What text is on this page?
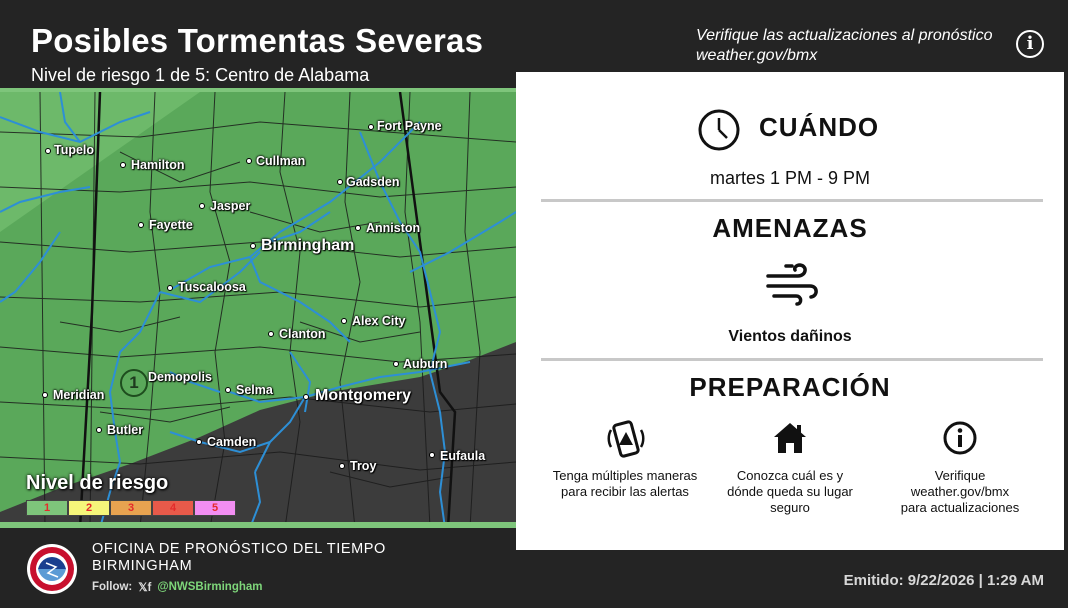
Posibles Tormentas Severas
Nivel de riesgo 1 de 5: Centro de Alabama
Verifique las actualizaciones al pronóstico
weather.gov/bmx
i
Fort Payne
Tupelo
Hamilton	Cullman
Gadsden
Jasper
Fayette	Anniston
Birmingham
Tuscaloosa
Alex City
Clanton
Auburn
Demopolis
Meridian	Selma	Montgomery
Butler
Camden
Eufaula
Troy
1
Nivel de riesgo
1	2	3	4	5
CUÁNDO
martes 1 PM - 9 PM
AMENAZAS
Vientos dañinos
PREPARACIÓN
Tenga múltiples maneras
para recibir las alertas
Conozca cuál es y
dónde queda su lugar
seguro
Verifique
weather.gov/bmx
para actualizaciones
OFICINA DE PRONÓSTICO DEL TIEMPO
BIRMINGHAM
Follow: 𝕏f @NWSBirmingham	Emitido: 9/22/2026 | 1:29 AM
